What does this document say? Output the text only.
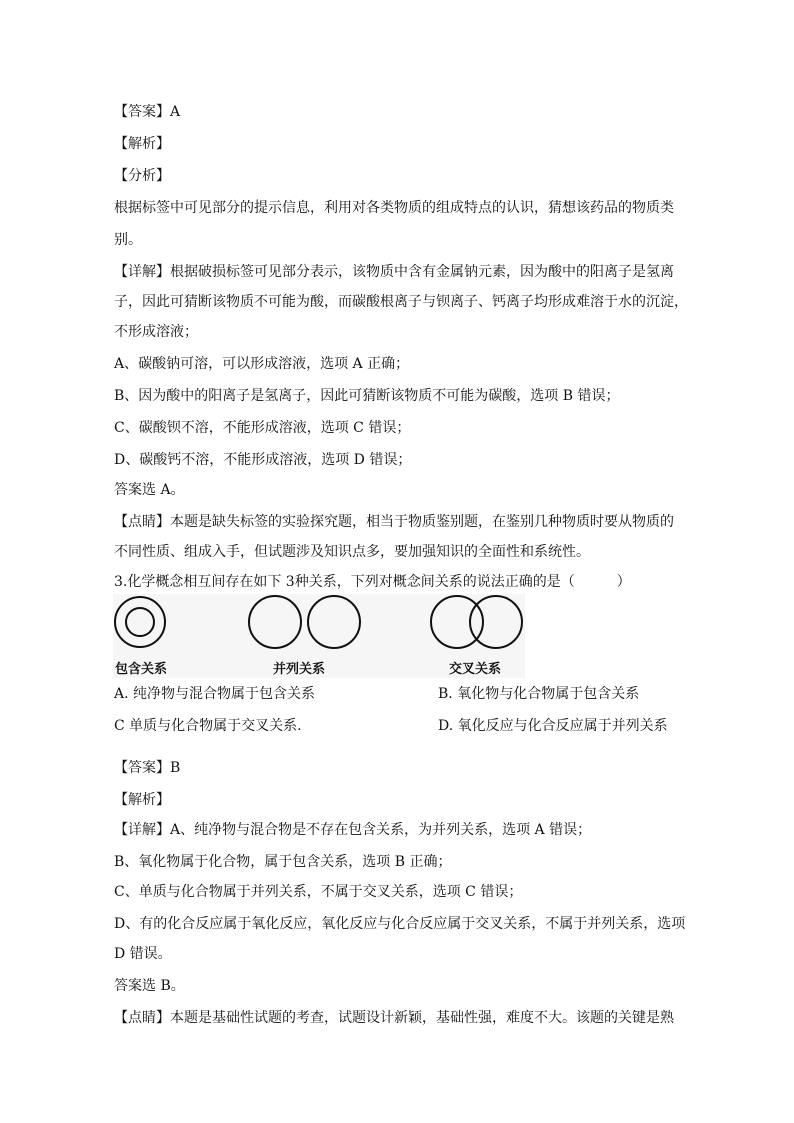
【答案】A
【解析】
【分析】
根据标签中可见部分的提示信息，利用对各类物质的组成特点的认识，猜想该药品的物质类
别。
【详解】根据破损标签可见部分表示，该物质中含有金属钠元素，因为酸中的阳离子是氢离
子，因此可猜断该物质不可能为酸，而碳酸根离子与钡离子、钙离子均形成难溶于水的沉淀，
不形成溶液；
A、碳酸钠可溶，可以形成溶液，选项 A 正确；
B、因为酸中的阳离子是氢离子，因此可猜断该物质不可能为碳酸，选项 B 错误；
C、碳酸钡不溶，不能形成溶液，选项 C 错误；
D、碳酸钙不溶，不能形成溶液，选项 D 错误；
答案选 A。
【点睛】本题是缺失标签的实验探究题，相当于物质鉴别题，在鉴别几种物质时要从物质的
不同性质、组成入手，但试题涉及知识点多，要加强知识的全面性和系统性。
3.化学概念相互间存在如下 3种关系，下列对概念间关系的说法正确的是（　　　）
包含关系	并列关系	交叉关系
A. 纯净物与混合物属于包含关系	B. 氧化物与化合物属于包含关系
C 单质与化合物属于交叉关系.	D. 氧化反应与化合反应属于并列关系
【答案】B
【解析】
【详解】A、纯净物与混合物是不存在包含关系，为并列关系，选项 A 错误；
B、氧化物属于化合物，属于包含关系，选项 B 正确；
C、单质与化合物属于并列关系，不属于交叉关系，选项 C 错误；
D、有的化合反应属于氧化反应，氧化反应与化合反应属于交叉关系，不属于并列关系，选项
D 错误。
答案选 B。
【点睛】本题是基础性试题的考查，试题设计新颖，基础性强，难度不大。该题的关键是熟
